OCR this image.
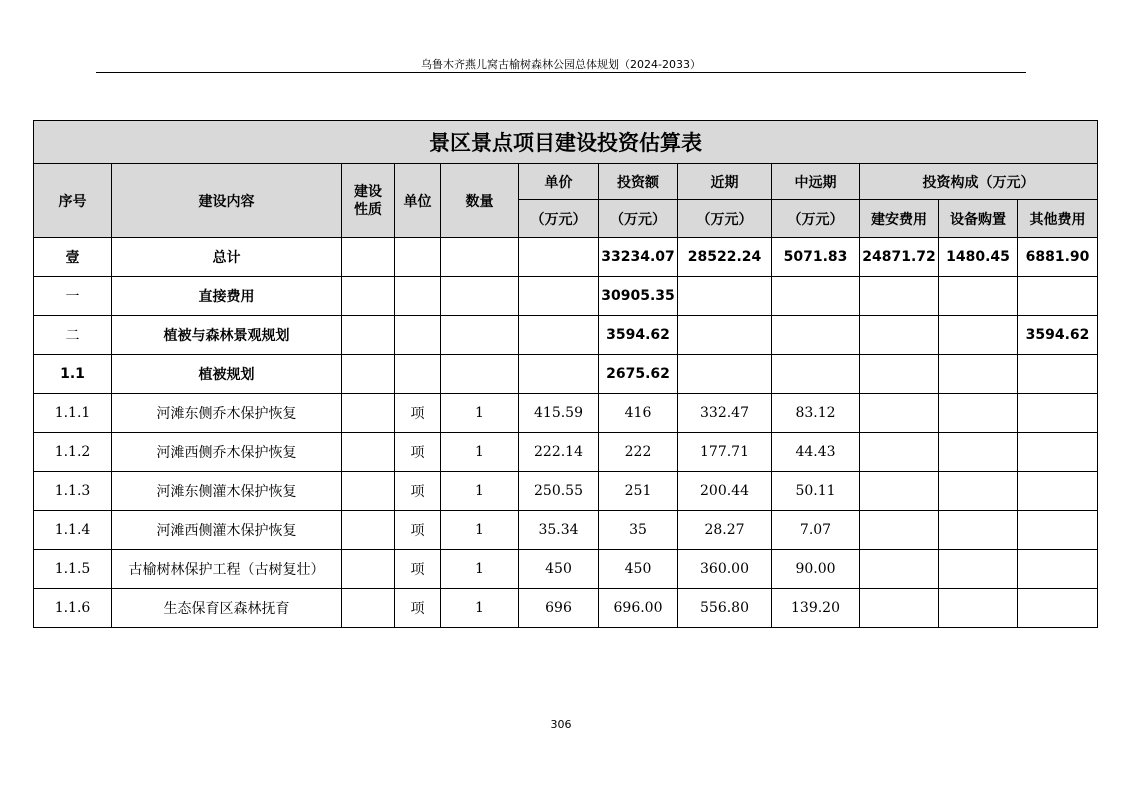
乌鲁木齐燕儿窝古榆树森林公园总体规划（2024-2033）
景区景点项目建设投资估算表											
序号	建设内容	建设性质	单位	数量	单价	投资额	近期	中远期	投资构成（万元）		
					（万元）	（万元）	（万元）	（万元）	建安费用	设备购置	其他费用
壹	总计					33234.07	28522.24	5071.83	24871.72	1480.45	6881.90
一	直接费用					30905.35					
二	植被与森林景观规划					3594.62					3594.62
1.1	植被规划					2675.62					
1.1.1	河滩东侧乔木保护恢复		项	1	415.59	416	332.47	83.12			
1.1.2	河滩西侧乔木保护恢复		项	1	222.14	222	177.71	44.43			
1.1.3	河滩东侧灌木保护恢复		项	1	250.55	251	200.44	50.11			
1.1.4	河滩西侧灌木保护恢复		项	1	35.34	35	28.27	7.07			
1.1.5	古榆树林保护工程（古树复壮）		项	1	450	450	360.00	90.00			
1.1.6	生态保育区森林抚育		项	1	696	696.00	556.80	139.20			
306
